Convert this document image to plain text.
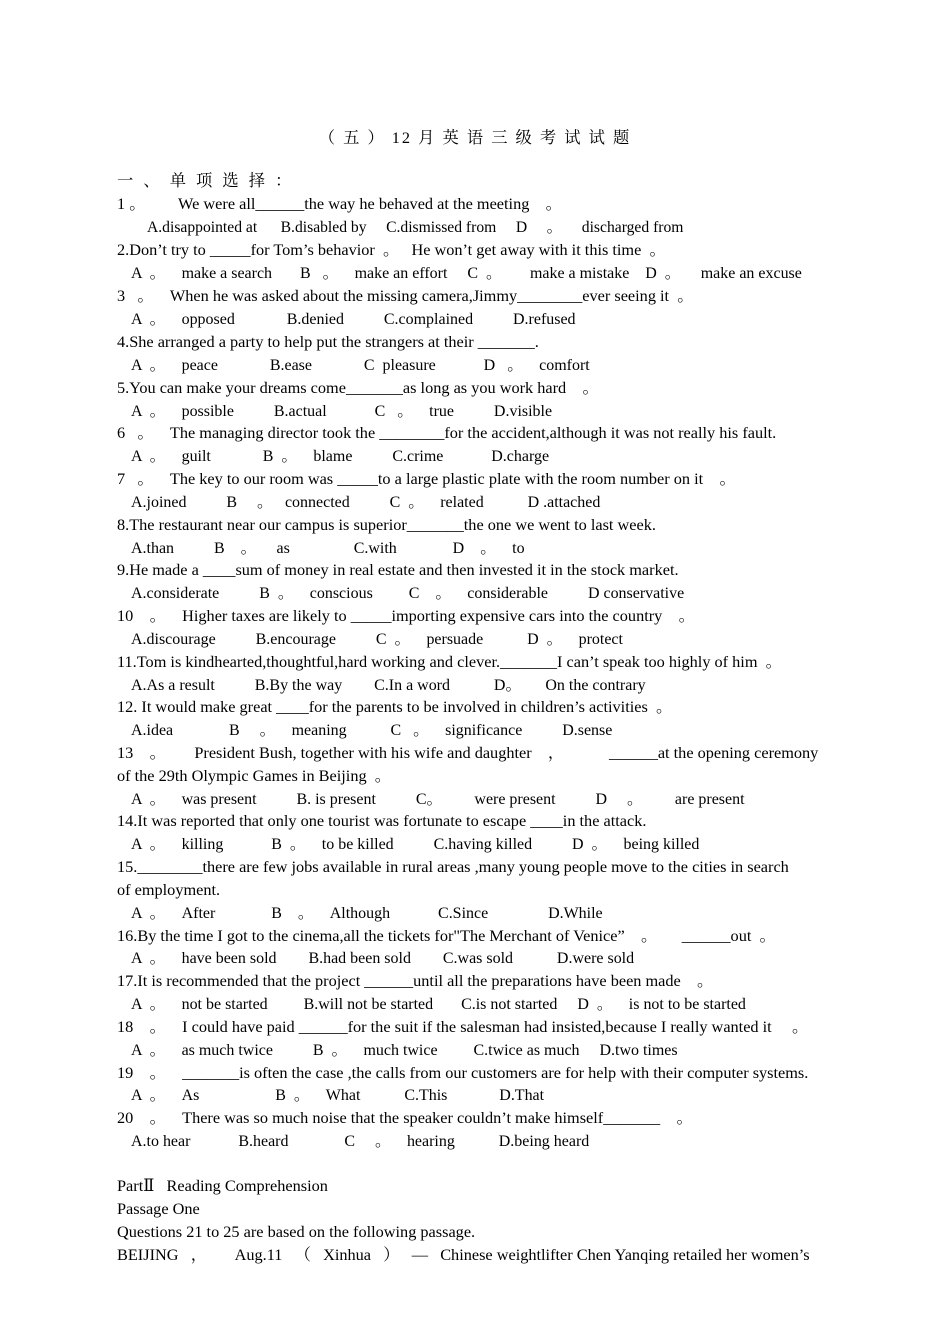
（ 五 ） 12 月 英 语 三 级 考 试 试 题
一 、 单 项 选 择 ：
1 。        We were all______the way he behaved at the meeting    。
A.disappointed at      B.disabled by     C.dismissed from     D     。     discharged from
2.Don’t try to _____for Tom’s behavior  。   He won’t get away with it this time  。
A  。    make a search       B   。    make an effort     C  。       make a mistake    D  。     make an excuse
3   。    When he was asked about the missing camera,Jimmy________ever seeing it  。
A  。    opposed             B.denied          C.complained          D.refused
4.She arranged a party to help put the strangers at their _______.
A  。    peace             B.ease             C  pleasure            D   。    comfort
5.You can make your dreams come_______as long as you work hard    。
A  。    possible          B.actual            C   。    true          D.visible
6   。    The managing director took the ________for the accident,although it was not really his fault.
A  。    guilt             B  。    blame          C.crime            D.charge
7   。    The key to our room was _____to a large plastic plate with the room number on it    。
A.joined          B     。   connected          C  。    related           D .attached
8.The restaurant near our campus is superior_______the one we went to last week.
A.than          B    。     as                C.with              D    。    to
9.He made a ____sum of money in real estate and then invested it in the stock market.
A.considerate          B  。    conscious         C    。    considerable          D conservative
10    。    Higher taxes are likely to _____importing expensive cars into the country    。
A.discourage          B.encourage          C  。    persuade           D  。    protect
11.Tom is kindhearted,thoughtful,hard working and clever._______I can’t speak too highly of him  。
A.As a result          B.By the way        C.In a word           D。      On the contrary
12. It would make great ____for the parents to be involved in children’s activities  。
A.idea              B     。    meaning           C   。    significance          D.sense
13    。       President Bush, together with his wife and daughter    ，           ______at the opening ceremony
of the 29th Olympic Games in Beijing  。
A  。    was present          B. is present          C。        were present          D     。        are present
14.It was reported that only one tourist was fortunate to escape ____in the attack.
A  。    killing            B  。    to be killed          C.having killed          D  。    being killed
15.________there are few jobs available in rural areas ,many young people move to the cities in search
of employment.
A  。    After              B    。    Although            C.Since               D.While
16.By the time I got to the cinema,all the tickets for"The Merchant of Venice”    。      ______out  。
A  。    have been sold        B.had been sold        C.was sold           D.were sold
17.It is recommended that the project ______until all the preparations have been made    。
A  。    not be started         B.will not be started       C.is not started     D  。    is not to be started
18    。    I could have paid ______for the suit if the salesman had insisted,because I really wanted it     。
A  。    as much twice          B  。    much twice         C.twice as much     D.two times
19    。    _______is often the case ,the calls from our customers are for help with their computer systems.
A  。    As                   B  。    What           C.This             D.That
20    。    There was so much noise that the speaker couldn’t make himself_______    。
A.to hear            B.heard              C     。    hearing           D.being heard
PartⅡ   Reading Comprehension
Passage One
Questions 21 to 25 are based on the following passage.
BEIJING   ，       Aug.11   （   Xinhua   ）   —   Chinese weightlifter Chen Yanqing retailed her women’s
